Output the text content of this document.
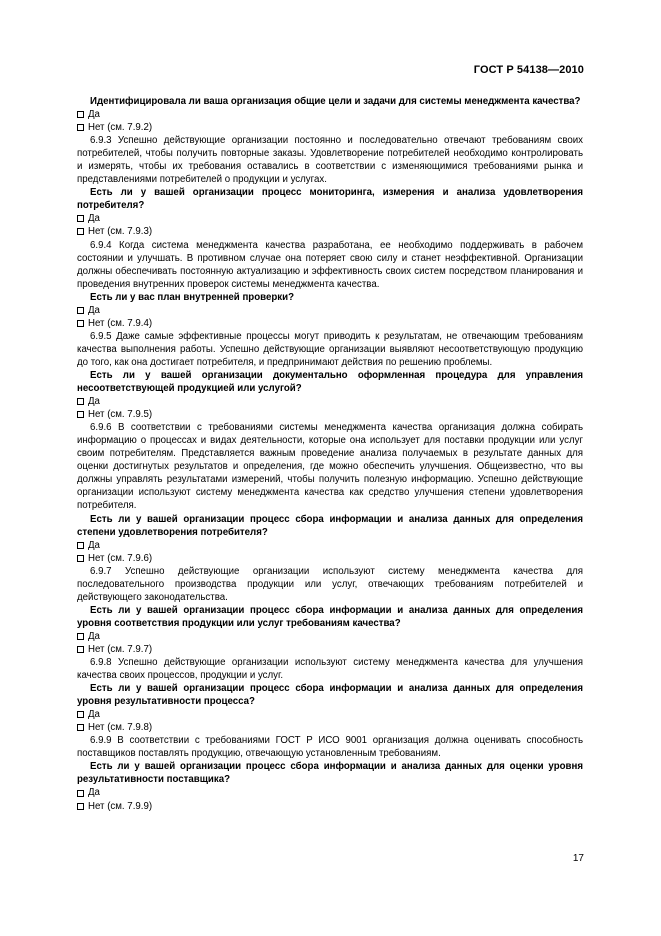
ГОСТ Р 54138—2010

Идентифицировала ли ваша организация общие цели и задачи для системы менеджмента качества?

Да

Нет (см. 7.9.2)

6.9.3 Успешно действующие организации постоянно и последовательно отвечают требованиям своих потребителей, чтобы получить повторные заказы. Удовлетворение потребителей необходимо контролировать и измерять, чтобы их требования оставались в соответствии с изменяющимися требованиями рынка и представлениями потребителей о продукции и услугах.

Есть ли у вашей организации процесс мониторинга, измерения и анализа удовлетворения потребителя?

Да

Нет (см. 7.9.3)

6.9.4 Когда система менеджмента качества разработана, ее необходимо поддерживать в рабочем состоянии и улучшать. В противном случае она потеряет свою силу и станет неэффективной. Организации должны обеспечивать постоянную актуализацию и эффективность своих систем посредством планирования и проведения внутренних проверок системы менеджмента качества.

Есть ли у вас план внутренней проверки?

Да

Нет (см. 7.9.4)

6.9.5 Даже самые эффективные процессы могут приводить к результатам, не отвечающим требованиям качества выполнения работы. Успешно действующие организации выявляют несоответствующую продукцию до того, как она достигает потребителя, и предпринимают действия по решению проблемы.

Есть ли у вашей организации документально оформленная процедура для управления несоответствующей продукцией или услугой?

Да

Нет (см. 7.9.5)

6.9.6 В соответствии с требованиями системы менеджмента качества организация должна собирать информацию о процессах и видах деятельности, которые она использует для поставки продукции или услуг своим потребителям. Представляется важным проведение анализа получаемых в результате данных для оценки достигнутых результатов и определения, где можно обеспечить улучшения. Общеизвестно, что вы должны управлять результатами измерений, чтобы получить полезную информацию. Успешно действующие организации используют систему менеджмента качества как средство улучшения степени удовлетворения потребителя.

Есть ли у вашей организации процесс сбора информации и анализа данных для определения степени удовлетворения потребителя?

Да

Нет (см. 7.9.6)

6.9.7 Успешно действующие организации используют систему менеджмента качества для последовательного производства продукции или услуг, отвечающих требованиям потребителей и действующего законодательства.

Есть ли у вашей организации процесс сбора информации и анализа данных для определения уровня соответствия продукции или услуг требованиям качества?

Да

Нет (см. 7.9.7)

6.9.8 Успешно действующие организации используют систему менеджмента качества для улучшения качества своих процессов, продукции и услуг.

Есть ли у вашей организации процесс сбора информации и анализа данных для определения уровня результативности процесса?

Да

Нет (см. 7.9.8)

6.9.9 В соответствии с требованиями ГОСТ Р ИСО 9001 организация должна оценивать способность поставщиков поставлять продукцию, отвечающую установленным требованиям.

Есть ли у вашей организации процесс сбора информации и анализа данных для оценки уровня результативности поставщика?

Да

Нет (см. 7.9.9)

17
